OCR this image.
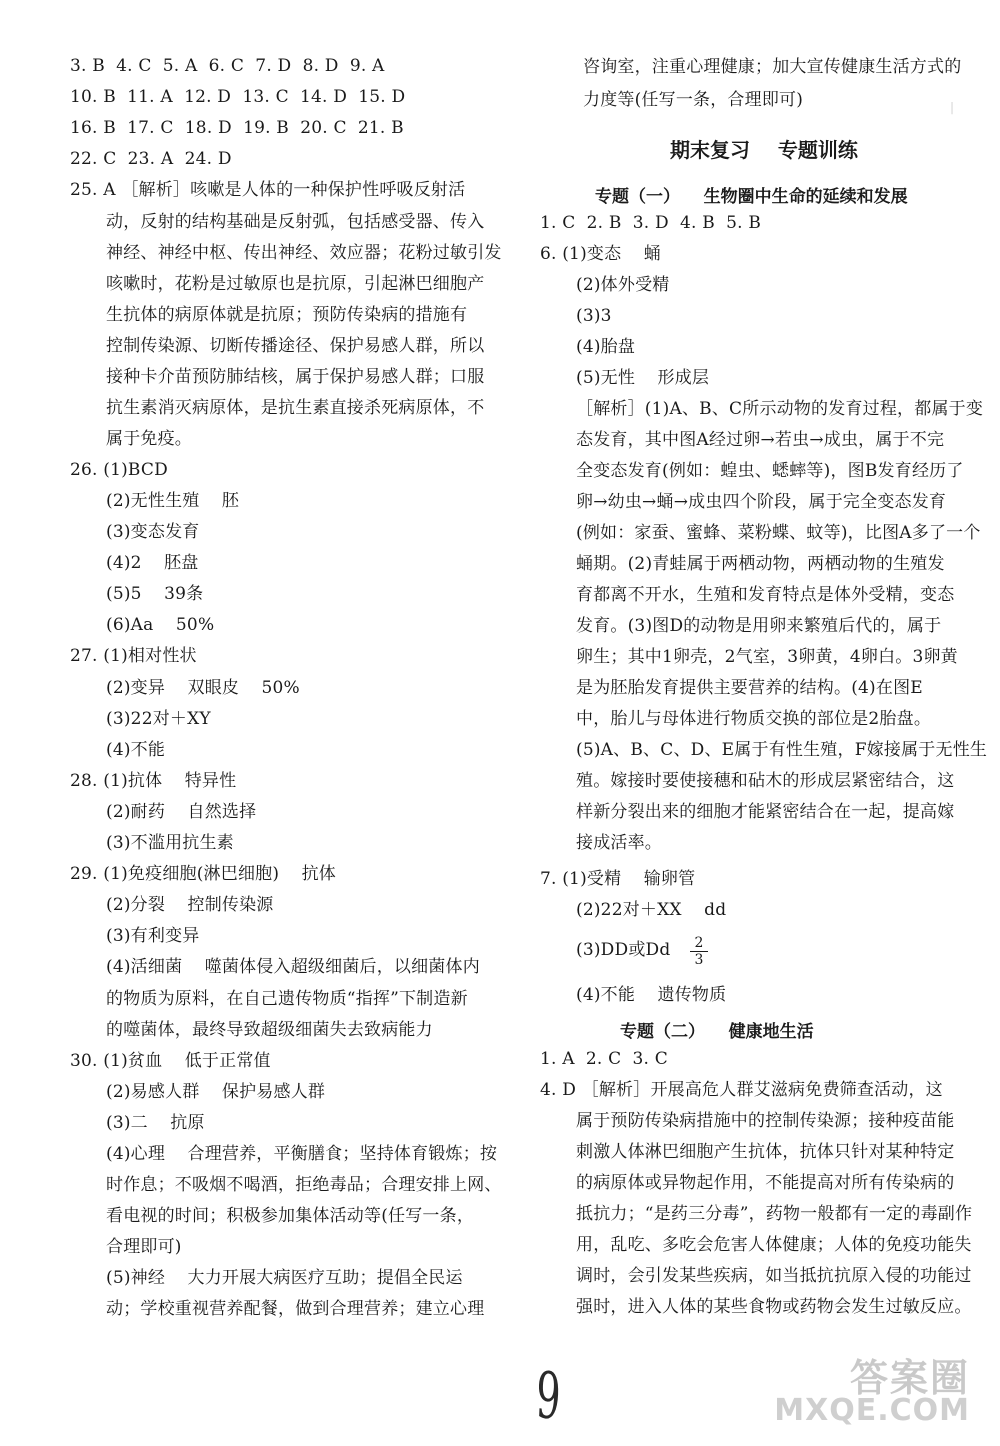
3. B  4. C  5. A  6. C  7. D  8. D  9. A
10. B  11. A  12. D  13. C  14. D  15. D
16. B  17. C  18. D  19. B  20. C  21. B
22. C  23. A  24. D
25. A ［解析］咳嗽是人体的一种保护性呼吸反射活
动，反射的结构基础是反射弧，包括感受器、传入
神经、神经中枢、传出神经、效应器；花粉过敏引发
咳嗽时，花粉是过敏原也是抗原，引起淋巴细胞产
生抗体的病原体就是抗原；预防传染病的措施有
控制传染源、切断传播途径、保护易感人群，所以
接种卡介苗预防肺结核，属于保护易感人群；口服
抗生素消灭病原体，是抗生素直接杀死病原体，不
属于免疫。
26. (1)BCD
(2)无性生殖    胚
(3)变态发育
(4)2    胚盘
(5)5    39条
(6)Aa    50%
27. (1)相对性状
(2)变异    双眼皮    50%
(3)22对＋XY
(4)不能
28. (1)抗体    特异性
(2)耐药    自然选择
(3)不滥用抗生素
29. (1)免疫细胞(淋巴细胞)    抗体
(2)分裂    控制传染源
(3)有利变异
(4)活细菌    噬菌体侵入超级细菌后，以细菌体内
的物质为原料，在自己遗传物质“指挥”下制造新
的噬菌体，最终导致超级细菌失去致病能力
30. (1)贫血    低于正常值
(2)易感人群    保护易感人群
(3)二    抗原
(4)心理    合理营养，平衡膳食；坚持体育锻炼；按
时作息；不吸烟不喝酒，拒绝毒品；合理安排上网、
看电视的时间；积极参加集体活动等(任写一条，
合理即可)
(5)神经    大力开展大病医疗互助；提倡全民运
动；学校重视营养配餐，做到合理营养；建立心理
期末复习    专题训练
专题（一）    生物圈中生命的延续和发展
$\frac{2}{3}$
专题（二）    健康地生活
|
咨询室，注重心理健康；加大宣传健康生活方式的
力度等(任写一条，合理即可)
1. C  2. B  3. D  4. B  5. B
6. (1)变态    蛹
(2)体外受精
(3)3
(4)胎盘
(5)无性    形成层
［解析］(1)A、B、C所示动物的发育过程，都属于变
态发育，其中图A经过卵→若虫→成虫，属于不完
全变态发育(例如：蝗虫、蟋蟀等)，图B发育经历了
卵→幼虫→蛹→成虫四个阶段，属于完全变态发育
(例如：家蚕、蜜蜂、菜粉蝶、蚊等)，比图A多了一个
蛹期。(2)青蛙属于两栖动物，两栖动物的生殖发
育都离不开水，生殖和发育特点是体外受精，变态
发育。(3)图D的动物是用卵来繁殖后代的，属于
卵生；其中1卵壳，2气室，3卵黄，4卵白。3卵黄
是为胚胎发育提供主要营养的结构。(4)在图E
中，胎儿与母体进行物质交换的部位是2胎盘。
(5)A、B、C、D、E属于有性生殖，F嫁接属于无性生
殖。嫁接时要使接穗和砧木的形成层紧密结合，这
样新分裂出来的细胞才能紧密结合在一起，提高嫁
接成活率。
7. (1)受精    输卵管
(2)22对＋XX    dd
(3)DD或Dd
(4)不能    遗传物质
1. A  2. C  3. C
4. D ［解析］开展高危人群艾滋病免费筛查活动，这
属于预防传染病措施中的控制传染源；接种疫苗能
刺激人体淋巴细胞产生抗体，抗体只针对某种特定
的病原体或异物起作用，不能提高对所有传染病的
抵抗力；“是药三分毒”，药物一般都有一定的毒副作
用，乱吃、多吃会危害人体健康；人体的免疫功能失
调时，会引发某些疾病，如当抵抗抗原入侵的功能过
强时，进入人体的某些食物或药物会发生过敏反应。
9	答案圈
MXQE.COM
